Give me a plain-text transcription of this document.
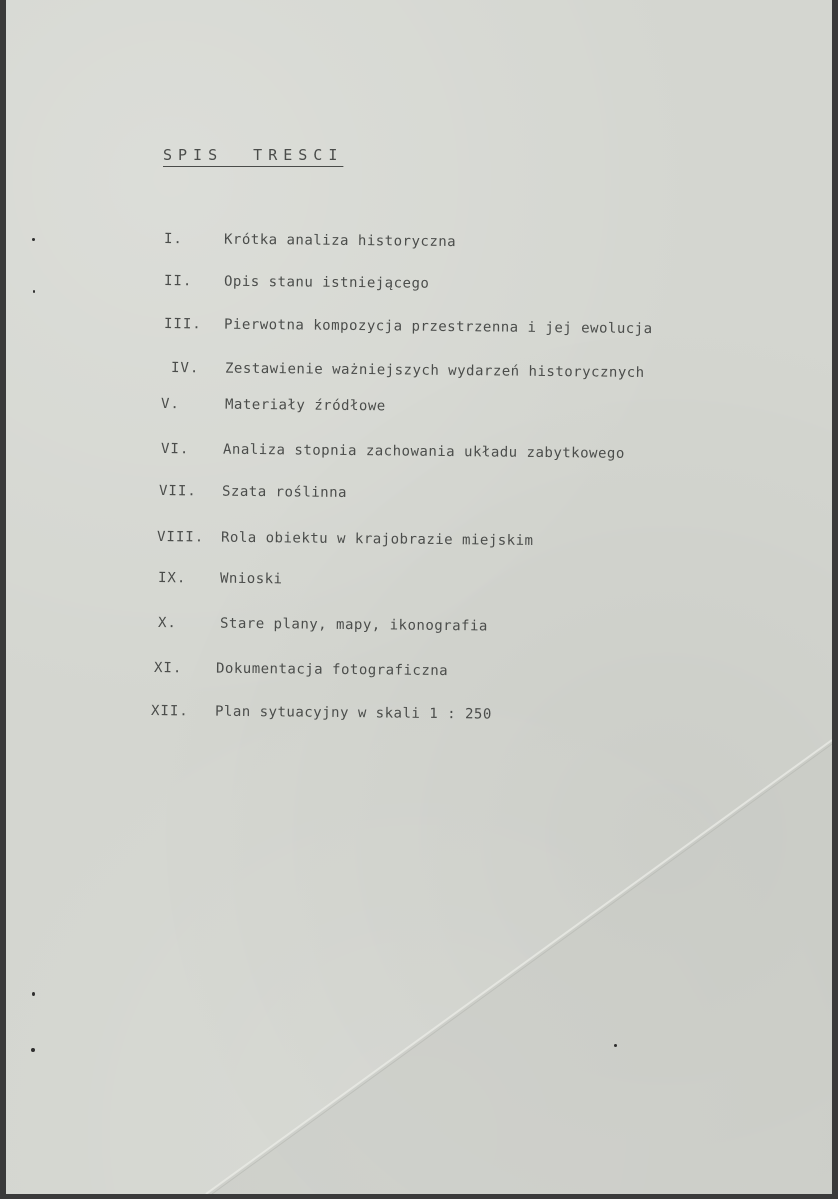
SPIS  TRESCI
I.	Krótka analiza historyczna
II. Opis stanu istniejącego
III. Pierwotna kompozycja przestrzenna i jej ewolucja
IV. Zestawienie ważniejszych wydarzeń historycznych
V.	Materiały źródłowe
VI. Analiza stopnia zachowania układu zabytkowego
VII. Szata roślinna
VIII. Rola obiektu w krajobrazie miejskim
IX. Wnioski
X.	Stare plany, mapy, ikonografia
XI. Dokumentacja fotograficzna
XII. Plan sytuacyjny w skali 1 : 250
